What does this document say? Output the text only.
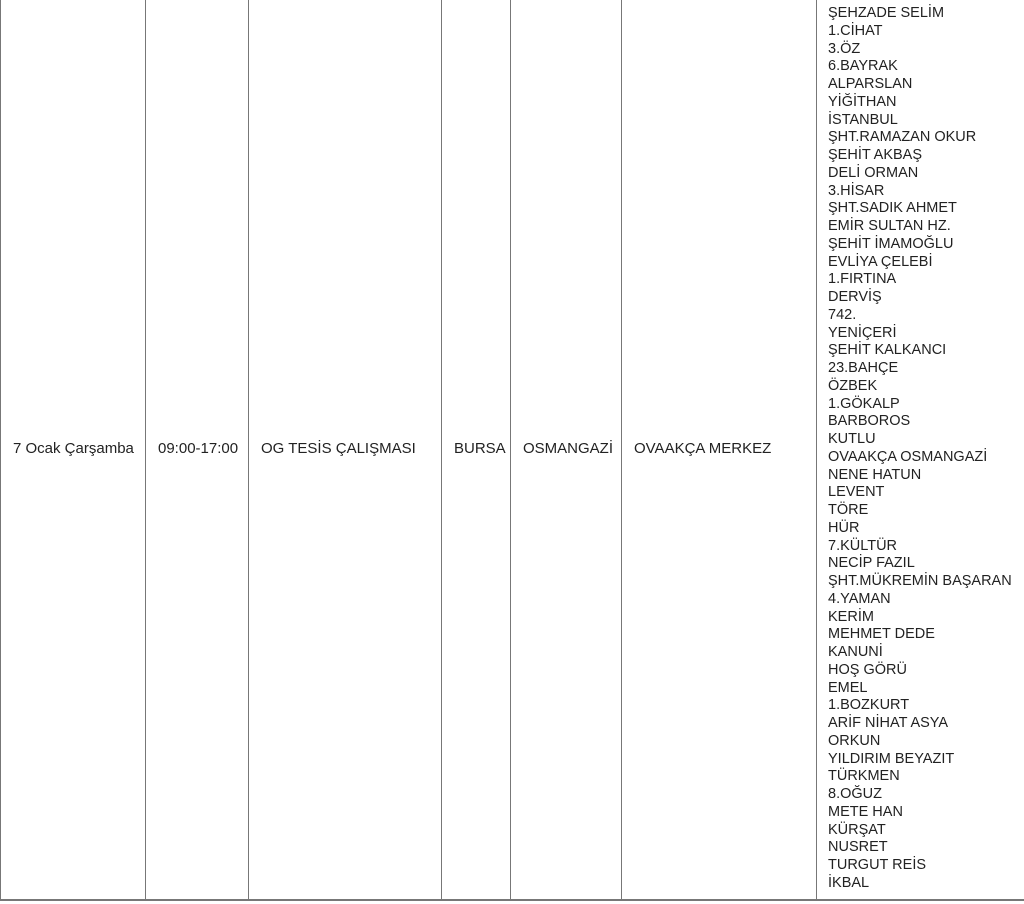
7 Ocak Çarşamba	09:00-17:00	OG TESİS ÇALIŞMASI	BURSA	OSMANGAZİ	OVAAKÇA MERKEZ	
ŞEHZADE SELİM
1.CİHAT
3.ÖZ
6.BAYRAK
ALPARSLAN
YİĞİTHAN
İSTANBUL
ŞHT.RAMAZAN OKUR
ŞEHİT AKBAŞ
DELİ ORMAN
3.HİSAR
ŞHT.SADIK AHMET
EMİR SULTAN HZ.
ŞEHİT İMAMOĞLU
EVLİYA ÇELEBİ
1.FIRTINA
DERVİŞ
742.
YENİÇERİ
ŞEHİT KALKANCI
23.BAHÇE
ÖZBEK
1.GÖKALP
BARBOROS
KUTLU
OVAAKÇA OSMANGAZİ
NENE HATUN
LEVENT
TÖRE
HÜR
7.KÜLTÜR
NECİP FAZIL
ŞHT.MÜKREMİN BAŞARAN
4.YAMAN
KERİM
MEHMET DEDE
KANUNİ
HOŞ GÖRÜ
EMEL
1.BOZKURT
ARİF NİHAT ASYA
ORKUN
YILDIRIM BEYAZIT
TÜRKMEN
8.OĞUZ
METE HAN
KÜRŞAT
NUSRET
TURGUT REİS
İKBAL
